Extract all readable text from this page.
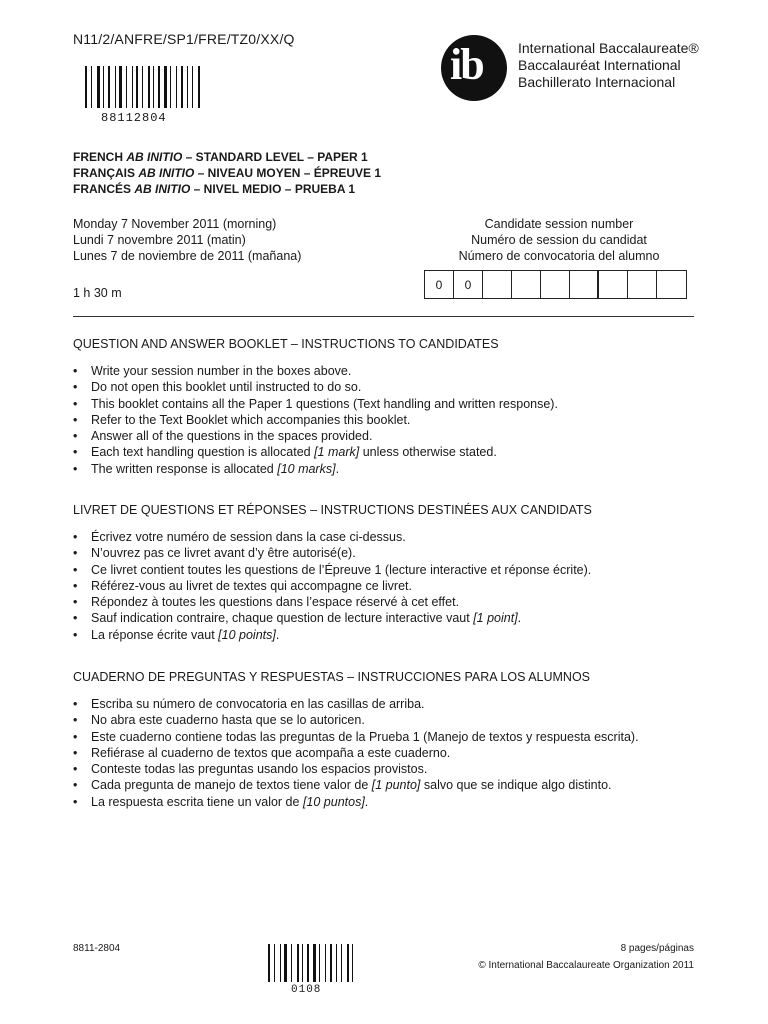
N11/2/ANFRE/SP1/FRE/TZ0/XX/Q
88112804
ib	International Baccalaureate®
Baccalauréat International
Bachillerato Internacional
FRENCH AB INITIO – STANDARD LEVEL – PAPER 1
FRANÇAIS AB INITIO – NIVEAU MOYEN – ÉPREUVE 1
FRANCÉS AB INITIO – NIVEL MEDIO – PRUEBA 1
Monday 7 November 2011 (morning)
Lundi 7 novembre 2011 (matin)
Lunes 7 de noviembre de 2011 (mañana)
1 h 30 m
Candidate session number
Numéro de session du candidat
Número de convocatoria del alumno
0	0
QUESTION AND ANSWER BOOKLET – INSTRUCTIONS TO CANDIDATES
• Write your session number in the boxes above.
• Do not open this booklet until instructed to do so.
• This booklet contains all the Paper 1 questions (Text handling and written response).
• Refer to the Text Booklet which accompanies this booklet.
• Answer all of the questions in the spaces provided.
• Each text handling question is allocated [1 mark] unless otherwise stated.
• The written response is allocated [10 marks].
LIVRET DE QUESTIONS ET RÉPONSES – INSTRUCTIONS DESTINÉES AUX CANDIDATS
• Écrivez votre numéro de session dans la case ci-dessus.
• N’ouvrez pas ce livret avant d’y être autorisé(e).
• Ce livret contient toutes les questions de l’Épreuve 1 (lecture interactive et réponse écrite).
• Référez-vous au livret de textes qui accompagne ce livret.
• Répondez à toutes les questions dans l’espace réservé à cet effet.
• Sauf indication contraire, chaque question de lecture interactive vaut [1 point].
• La réponse écrite vaut [10 points].
CUADERNO DE PREGUNTAS Y RESPUESTAS – INSTRUCCIONES PARA LOS ALUMNOS
• Escriba su número de convocatoria en las casillas de arriba.
• No abra este cuaderno hasta que se lo autoricen.
• Este cuaderno contiene todas las preguntas de la Prueba 1 (Manejo de textos y respuesta escrita).
• Refiérase al cuaderno de textos que acompaña a este cuaderno.
• Conteste todas las preguntas usando los espacios provistos.
• Cada pregunta de manejo de textos tiene valor de [1 punto] salvo que se indique algo distinto.
• La respuesta escrita tiene un valor de [10 puntos].
8811-2804
0108
8 pages/páginas
© International Baccalaureate Organization 2011
